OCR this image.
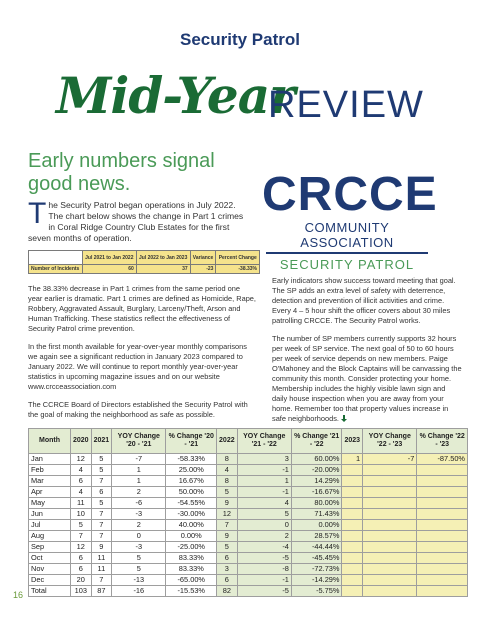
Security Patrol
Mid-Year
REVIEW
Early numbers signal
good news.
The Security Patrol began operations in July 2022. The chart below shows the change in Part 1 crimes in Coral Ridge Country Club Estates for the first seven months of operation.
	Jul 2021 to Jan 2022	Jul 2022 to Jan 2023	Variance	Percent Change
Number of Incidents	60	37	-23	-38.33%

The 38.33% decrease in Part 1 crimes from the same period one year earlier is dramatic. Part 1 crimes are defined as Homicide, Rape, Robbery, Aggravated Assault, Burglary, Larceny/Theft, Arson and Human Trafficking. These statistics reflect the effectiveness of Security Patrol crime prevention.

In the first month available for year-over-year monthly comparisons we again see a significant reduction in January 2023 compared to January 2022. We will continue to report monthly year-over-year statistics in upcoming magazine issues and on our website www.crcceassociation.com

The CCRCE Board of Directors established the Security Patrol with the goal of making the neighborhood as safe as possible.

CRCCE
COMMUNITY ASSOCIATION
SECURITY PATROL

Early indicators show success toward meeting that goal. The SP adds an extra level of safety with deterrence, detection and prevention of illicit activities and crime. Every 4 – 5 hour shift the officer covers about 30 miles patrolling CRCCE. The Security Patrol works.

The number of SP members currently supports 32 hours per week of SP service. The next goal of 50 to 60 hours per week of service depends on new members. Paige O'Mahoney and the Block Captains will be canvassing the community this month. Consider protecting your home. Membership includes the highly visible lawn sign and daily house inspection when you are away from your home. Remember too that property values increase in safe neighborhoods.

Month	2020	2021	YOY Change '20 - '21	% Change '20 - '21	2022	YOY Change '21 - '22	% Change '21 - '22	2023	YOY Change '22 - '23	% Change '22 - '23
Jan	12	5	-7	-58.33%	8	3	60.00%	1	-7	-87.50%
Feb	4	5	1	25.00%	4	-1	-20.00%			
Mar	6	7	1	16.67%	8	1	14.29%			
Apr	4	6	2	50.00%	5	-1	-16.67%			
May	11	5	-6	-54.55%	9	4	80.00%			
Jun	10	7	-3	-30.00%	12	5	71.43%			
Jul	5	7	2	40.00%	7	0	0.00%			
Aug	7	7	0	0.00%	9	2	28.57%			
Sep	12	9	-3	-25.00%	5	-4	-44.44%			
Oct	6	11	5	83.33%	6	-5	-45.45%			
Nov	6	11	5	83.33%	3	-8	-72.73%			
Dec	20	7	-13	-65.00%	6	-1	-14.29%			
Total	103	87	-16	-15.53%	82	-5	-5.75%			
16
